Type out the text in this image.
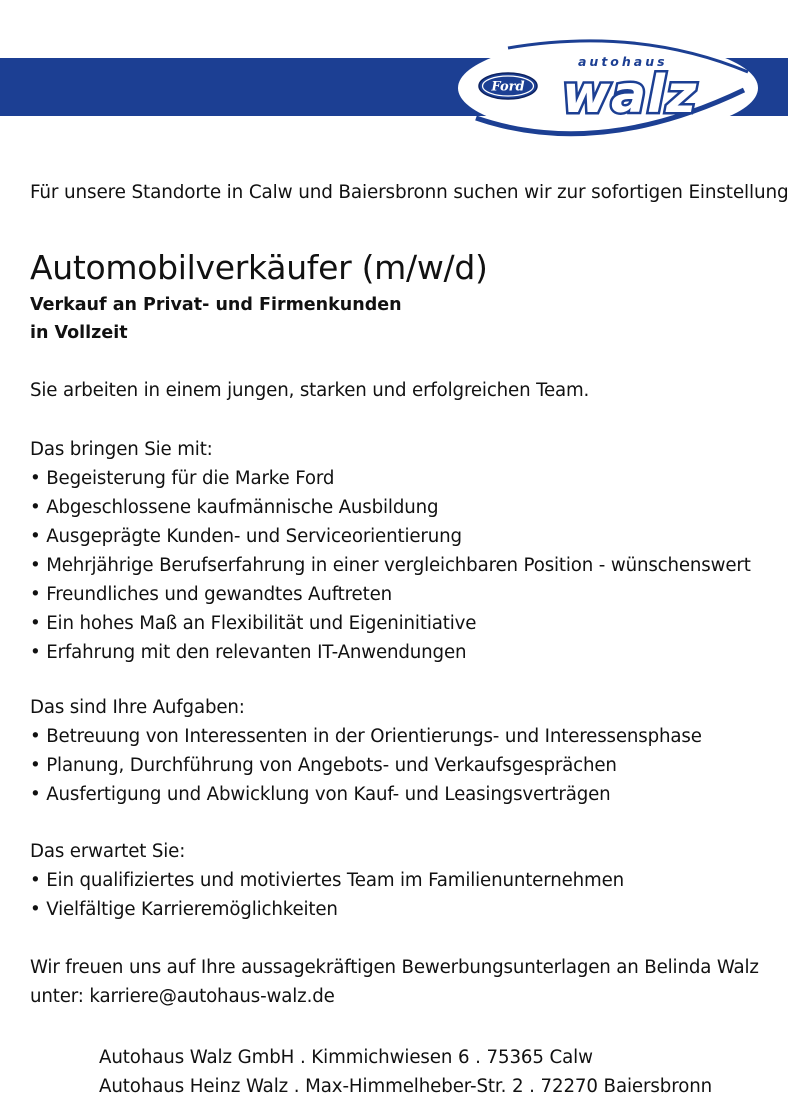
Ford
autohaus
walz
Für unsere Standorte in Calw und Baiersbronn suchen wir zur sofortigen Einstellung
Automobilverkäufer (m/w/d)
Verkauf an Privat- und Firmenkunden
in Vollzeit
Sie arbeiten in einem jungen, starken und erfolgreichen Team.
Das bringen Sie mit:
• Begeisterung für die Marke Ford
• Abgeschlossene kaufmännische Ausbildung
• Ausgeprägte Kunden- und Serviceorientierung
• Mehrjährige Berufserfahrung in einer vergleichbaren Position - wünschenswert
• Freundliches und gewandtes Auftreten
• Ein hohes Maß an Flexibilität und Eigeninitiative
• Erfahrung mit den relevanten IT-Anwendungen
Das sind Ihre Aufgaben:
• Betreuung von Interessenten in der Orientierungs- und Interessensphase
• Planung, Durchführung von Angebots- und Verkaufsgesprächen
• Ausfertigung und Abwicklung von Kauf- und Leasingsverträgen
Das erwartet Sie:
• Ein qualifiziertes und motiviertes Team im Familienunternehmen
• Vielfältige Karrieremöglichkeiten
Wir freuen uns auf Ihre aussagekräftigen Bewerbungsunterlagen an Belinda Walz
unter: karriere@autohaus-walz.de
Autohaus Walz GmbH . Kimmichwiesen 6 . 75365 Calw
Autohaus Heinz Walz . Max-Himmelheber-Str. 2 . 72270 Baiersbronn
